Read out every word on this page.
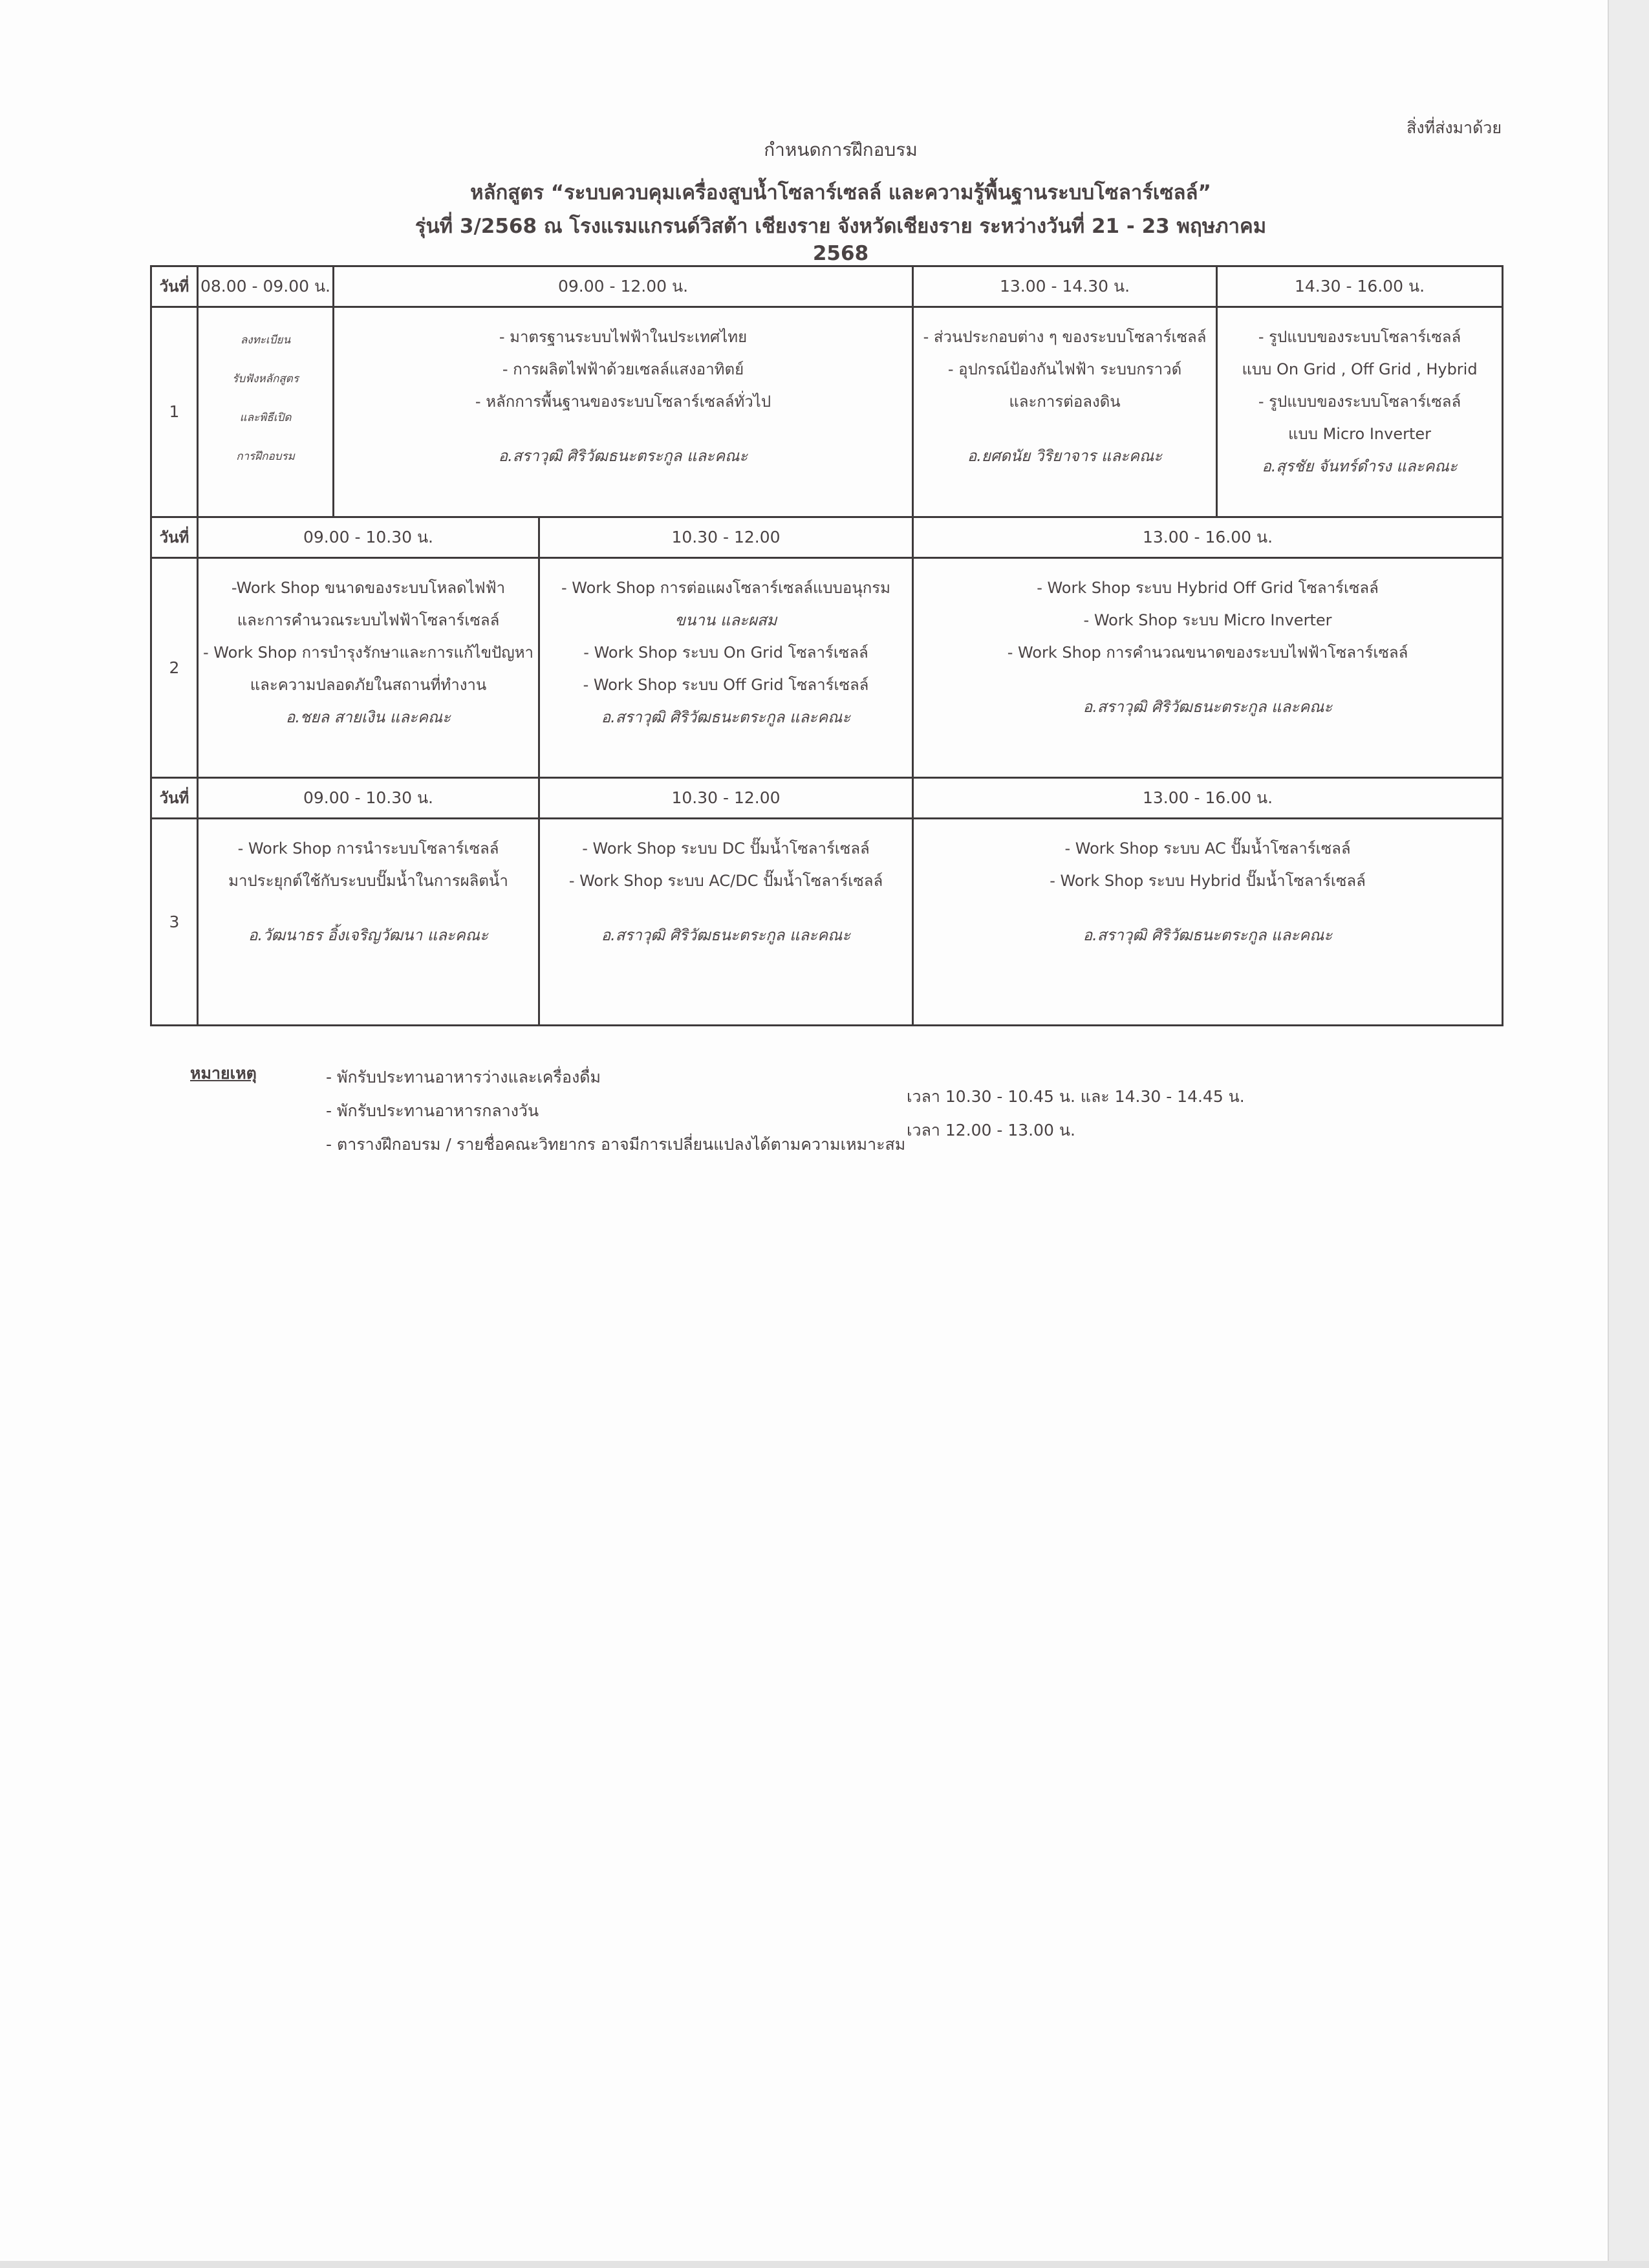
สิ่งที่ส่งมาด้วย
กำหนดการฝึกอบรม
หลักสูตร “ระบบควบคุมเครื่องสูบน้ำโซลาร์เซลล์ และความรู้พื้นฐานระบบโซลาร์เซลล์”
รุ่นที่ 3/2568 ณ โรงแรมแกรนด์วิสต้า เชียงราย จังหวัดเชียงราย ระหว่างวันที่ 21 - 23 พฤษภาคม 2568
วันที่	08.00 - 09.00 น.	09.00 - 12.00 น.		13.00 - 14.30 น.	14.30 - 16.00 น.
1	ลงทะเบียน
รับฟังหลักสูตร
และพิธีเปิด
การฝึกอบรม	- มาตรฐานระบบไฟฟ้าในประเทศไทย
- การผลิตไฟฟ้าด้วยเซลล์แสงอาทิตย์
- หลักการพื้นฐานของระบบโซลาร์เซลล์ทั่วไป
อ.สราวุฒิ ศิริวัฒธนะตระกูล และคณะ		- ส่วนประกอบต่าง ๆ ของระบบโซลาร์เซลล์
- อุปกรณ์ป้องกันไฟฟ้า ระบบกราวด์
และการต่อลงดิน
อ.ยศดนัย วิริยาจาร และคณะ	- รูปแบบของระบบโซลาร์เซลล์
แบบ On Grid , Off Grid , Hybrid
- รูปแบบของระบบโซลาร์เซลล์
แบบ Micro Inverter
อ.สุรชัย จันทร์ดำรง และคณะ

วันที่	09.00 - 10.30 น.		10.30 - 12.00	13.00 - 16.00 น.	
2	-Work Shop ขนาดของระบบโหลดไฟฟ้า
และการคำนวณระบบไฟฟ้าโซลาร์เซลล์
- Work Shop การบำรุงรักษาและการแก้ไขปัญหา
และความปลอดภัยในสถานที่ทำงาน
อ.ชยล สายเงิน และคณะ		- Work Shop การต่อแผงโซลาร์เซลล์แบบอนุกรม
ขนาน และผสม
- Work Shop ระบบ On Grid โซลาร์เซลล์
- Work Shop ระบบ Off Grid โซลาร์เซลล์
อ.สราวุฒิ ศิริวัฒธนะตระกูล และคณะ	- Work Shop ระบบ Hybrid Off Grid โซลาร์เซลล์
- Work Shop ระบบ Micro Inverter
- Work Shop การคำนวณขนาดของระบบไฟฟ้าโซลาร์เซลล์
อ.สราวุฒิ ศิริวัฒธนะตระกูล และคณะ	

วันที่	09.00 - 10.30 น.		10.30 - 12.00	13.00 - 16.00 น.	
3	- Work Shop การนำระบบโซลาร์เซลล์
มาประยุกต์ใช้กับระบบปั๊มน้ำในการผลิตน้ำ
อ.วัฒนาธร อิ้งเจริญวัฒนา และคณะ		- Work Shop ระบบ DC ปั๊มน้ำโซลาร์เซลล์
- Work Shop ระบบ AC/DC ปั๊มน้ำโซลาร์เซลล์
อ.สราวุฒิ ศิริวัฒธนะตระกูล และคณะ	- Work Shop ระบบ AC ปั๊มน้ำโซลาร์เซลล์
- Work Shop ระบบ Hybrid ปั๊มน้ำโซลาร์เซลล์
อ.สราวุฒิ ศิริวัฒธนะตระกูล และคณะ	
หมายเหตุ	- พักรับประทานอาหารว่างและเครื่องดื่ม
- พักรับประทานอาหารกลางวัน
- ตารางฝึกอบรม / รายชื่อคณะวิทยากร อาจมีการเปลี่ยนแปลงได้ตามความเหมาะสม
เวลา 10.30 - 10.45 น. และ 14.30 - 14.45 น.
เวลา 12.00 - 13.00 น.
